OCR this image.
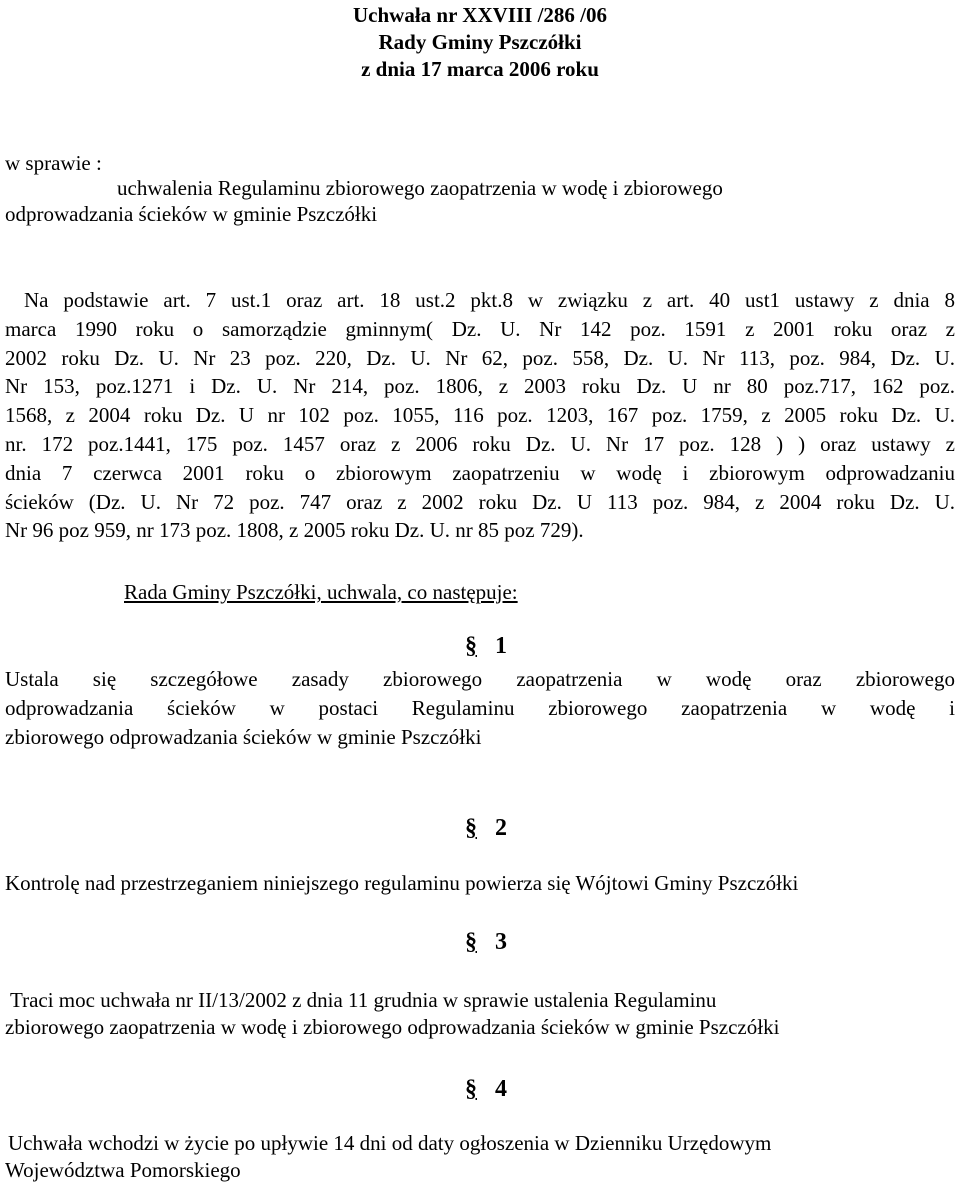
Uchwała nr XXVIII /286 /06
Rady Gminy Pszczółki
z dnia 17 marca 2006 roku
w sprawie :
uchwalenia Regulaminu zbiorowego zaopatrzenia w wodę i zbiorowego
odprowadzania ścieków w gminie Pszczółki
Na podstawie art. 7 ust.1 oraz art. 18 ust.2 pkt.8 w związku z art. 40 ust1 ustawy z dnia 8
marca 1990 roku o samorządzie gminnym( Dz. U. Nr 142 poz. 1591 z 2001 roku oraz z
2002 roku Dz. U. Nr 23 poz. 220, Dz. U. Nr 62, poz. 558, Dz. U. Nr 113, poz. 984, Dz. U.
Nr 153, poz.1271 i Dz. U. Nr 214, poz. 1806, z 2003 roku Dz. U nr 80 poz.717, 162 poz.
1568, z 2004 roku Dz. U nr 102 poz. 1055, 116 poz. 1203, 167 poz. 1759, z 2005 roku Dz. U.
nr. 172 poz.1441, 175 poz. 1457 oraz z 2006 roku Dz. U. Nr 17 poz. 128 ) ) oraz ustawy z
dnia 7 czerwca 2001 roku o zbiorowym zaopatrzeniu w wodę i zbiorowym odprowadzaniu
ścieków (Dz. U. Nr 72 poz. 747 oraz z 2002 roku Dz. U 113 poz. 984, z 2004 roku Dz. U.
Nr 96 poz 959, nr 173 poz. 1808, z 2005 roku Dz. U. nr 85 poz 729).
Rada Gminy Pszczółki, uchwala, co następuje:
§ 1
Ustala się szczegółowe zasady zbiorowego zaopatrzenia w wodę oraz zbiorowego
odprowadzania ścieków w postaci Regulaminu zbiorowego zaopatrzenia w wodę i
zbiorowego odprowadzania ścieków w gminie Pszczółki
§ 2
Kontrolę nad przestrzeganiem niniejszego regulaminu powierza się Wójtowi Gminy Pszczółki
§ 3
Traci moc uchwała nr II/13/2002 z dnia 11 grudnia w sprawie ustalenia Regulaminu
zbiorowego zaopatrzenia w wodę i zbiorowego odprowadzania ścieków w gminie Pszczółki
§ 4
Uchwała wchodzi w życie po upływie 14 dni od daty ogłoszenia w Dzienniku Urzędowym
Województwa Pomorskiego
